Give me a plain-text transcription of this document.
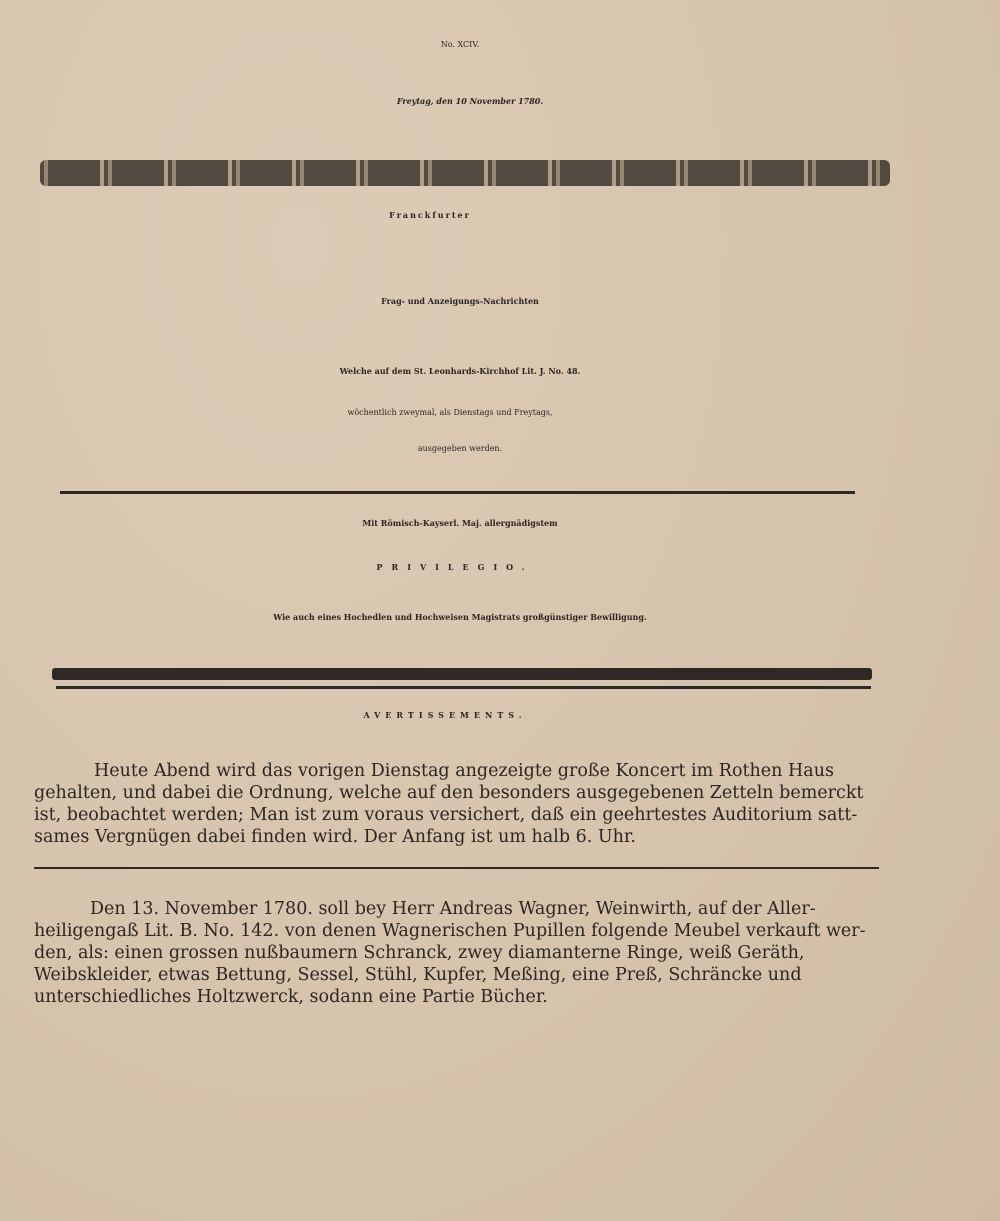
No. XCIV.
Freytag, den 10 November 1780.
Franckfurter
Frag- und Anzeigungs-Nachrichten
Welche auf dem St. Leonhards-Kirchhof Lit. J. No. 48.
wöchentlich zweymal, als Dienstags und Freytags,
ausgegeben werden.
Mit Römisch-Kayserl. Maj. allergnädigstem
PRIVILEGIO.
Wie auch eines Hochedlen und Hochweisen Magistrats großgünstiger Bewilligung.
AVERTISSEMENTS.
Heute Abend wird das vorigen Dienstag angezeigte große Koncert im Rothen Haus
gehalten, und dabei die Ordnung, welche auf den besonders ausgegebenen Zetteln bemerckt
ist, beobachtet werden; Man ist zum voraus versichert, daß ein geehrtestes Auditorium satt-
sames Vergnügen dabei finden wird. Der Anfang ist um halb 6. Uhr.
Den 13. November 1780. soll bey Herr Andreas Wagner, Weinwirth, auf der Aller-
heiligengaß Lit. B. No. 142. von denen Wagnerischen Pupillen folgende Meubel verkauft wer-
den, als: einen grossen nußbaumern Schranck, zwey diamanterne Ringe, weiß Geräth,
Weibskleider, etwas Bettung, Sessel, Stühl, Kupfer, Meßing, eine Preß, Schräncke und
unterschiedliches Holtzwerck, sodann eine Partie Bücher.
